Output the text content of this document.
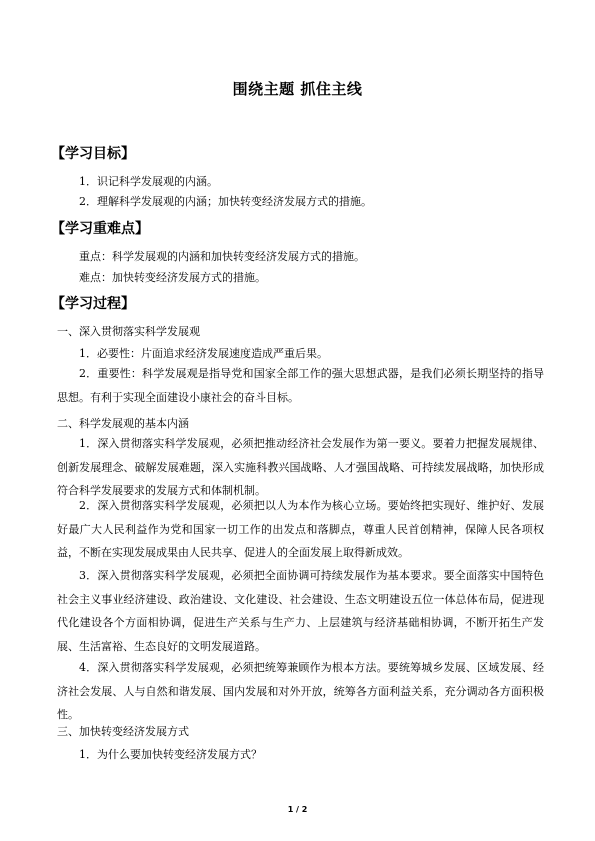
围绕主题 抓住主线
【学习目标】
1．识记科学发展观的内涵。
2．理解科学发展观的内涵；加快转变经济发展方式的措施。
【学习重难点】
重点：科学发展观的内涵和加快转变经济发展方式的措施。
难点：加快转变经济发展方式的措施。
【学习过程】
一、深入贯彻落实科学发展观
1．必要性：片面追求经济发展速度造成严重后果。
2．重要性：科学发展观是指导党和国家全部工作的强大思想武器，是我们必须长期坚持的指导思想。有利于实现全面建设小康社会的奋斗目标。
二、科学发展观的基本内涵
1．深入贯彻落实科学发展观，必须把推动经济社会发展作为第一要义。要着力把握发展规律、创新发展理念、破解发展难题，深入实施科教兴国战略、人才强国战略、可持续发展战略，加快形成符合科学发展要求的发展方式和体制机制。
2．深入贯彻落实科学发展观，必须把以人为本作为核心立场。要始终把实现好、维护好、发展好最广大人民利益作为党和国家一切工作的出发点和落脚点，尊重人民首创精神，保障人民各项权益，不断在实现发展成果由人民共享、促进人的全面发展上取得新成效。
3．深入贯彻落实科学发展观，必须把全面协调可持续发展作为基本要求。要全面落实中国特色社会主义事业经济建设、政治建设、文化建设、社会建设、生态文明建设五位一体总体布局，促进现代化建设各个方面相协调，促进生产关系与生产力、上层建筑与经济基础相协调，不断开拓生产发展、生活富裕、生态良好的文明发展道路。
4．深入贯彻落实科学发展观，必须把统筹兼顾作为根本方法。要统筹城乡发展、区域发展、经济社会发展、人与自然和谐发展、国内发展和对外开放，统筹各方面利益关系，充分调动各方面积极性。
三、加快转变经济发展方式
1．为什么要加快转变经济发展方式？
1 / 2
